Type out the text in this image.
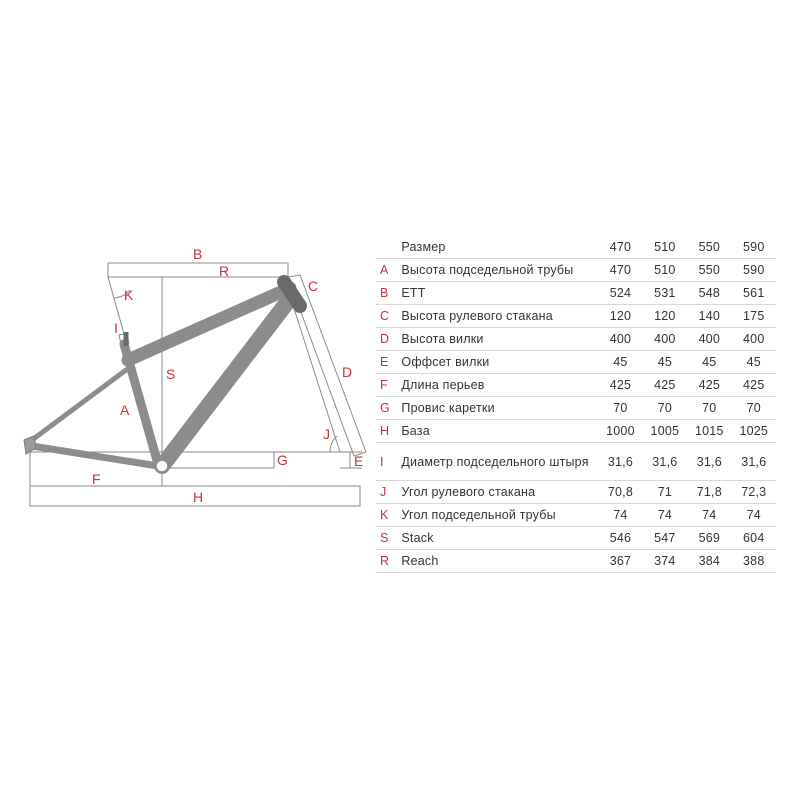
B
R
K
C
I
S	D
A
J
E
G
F
H
	Размер	470	510	550	590
A	Высота подседельной трубы	470	510	550	590
B	ETT	524	531	548	561
C	Высота рулевого стакана	120	120	140	175
D	Высота вилки	400	400	400	400
E	Оффсет вилки	45	45	45	45
F	Длина перьев	425	425	425	425
G	Провис каретки	70	70	70	70
H	База	1000	1005	1015	1025
I	Диаметр подседельного штыря	31,6	31,6	31,6	31,6
J	Угол рулевого стакана	70,8	71	71,8	72,3
K	Угол подседельной трубы	74	74	74	74
S	Stack	546	547	569	604
R	Reach	367	374	384	388
